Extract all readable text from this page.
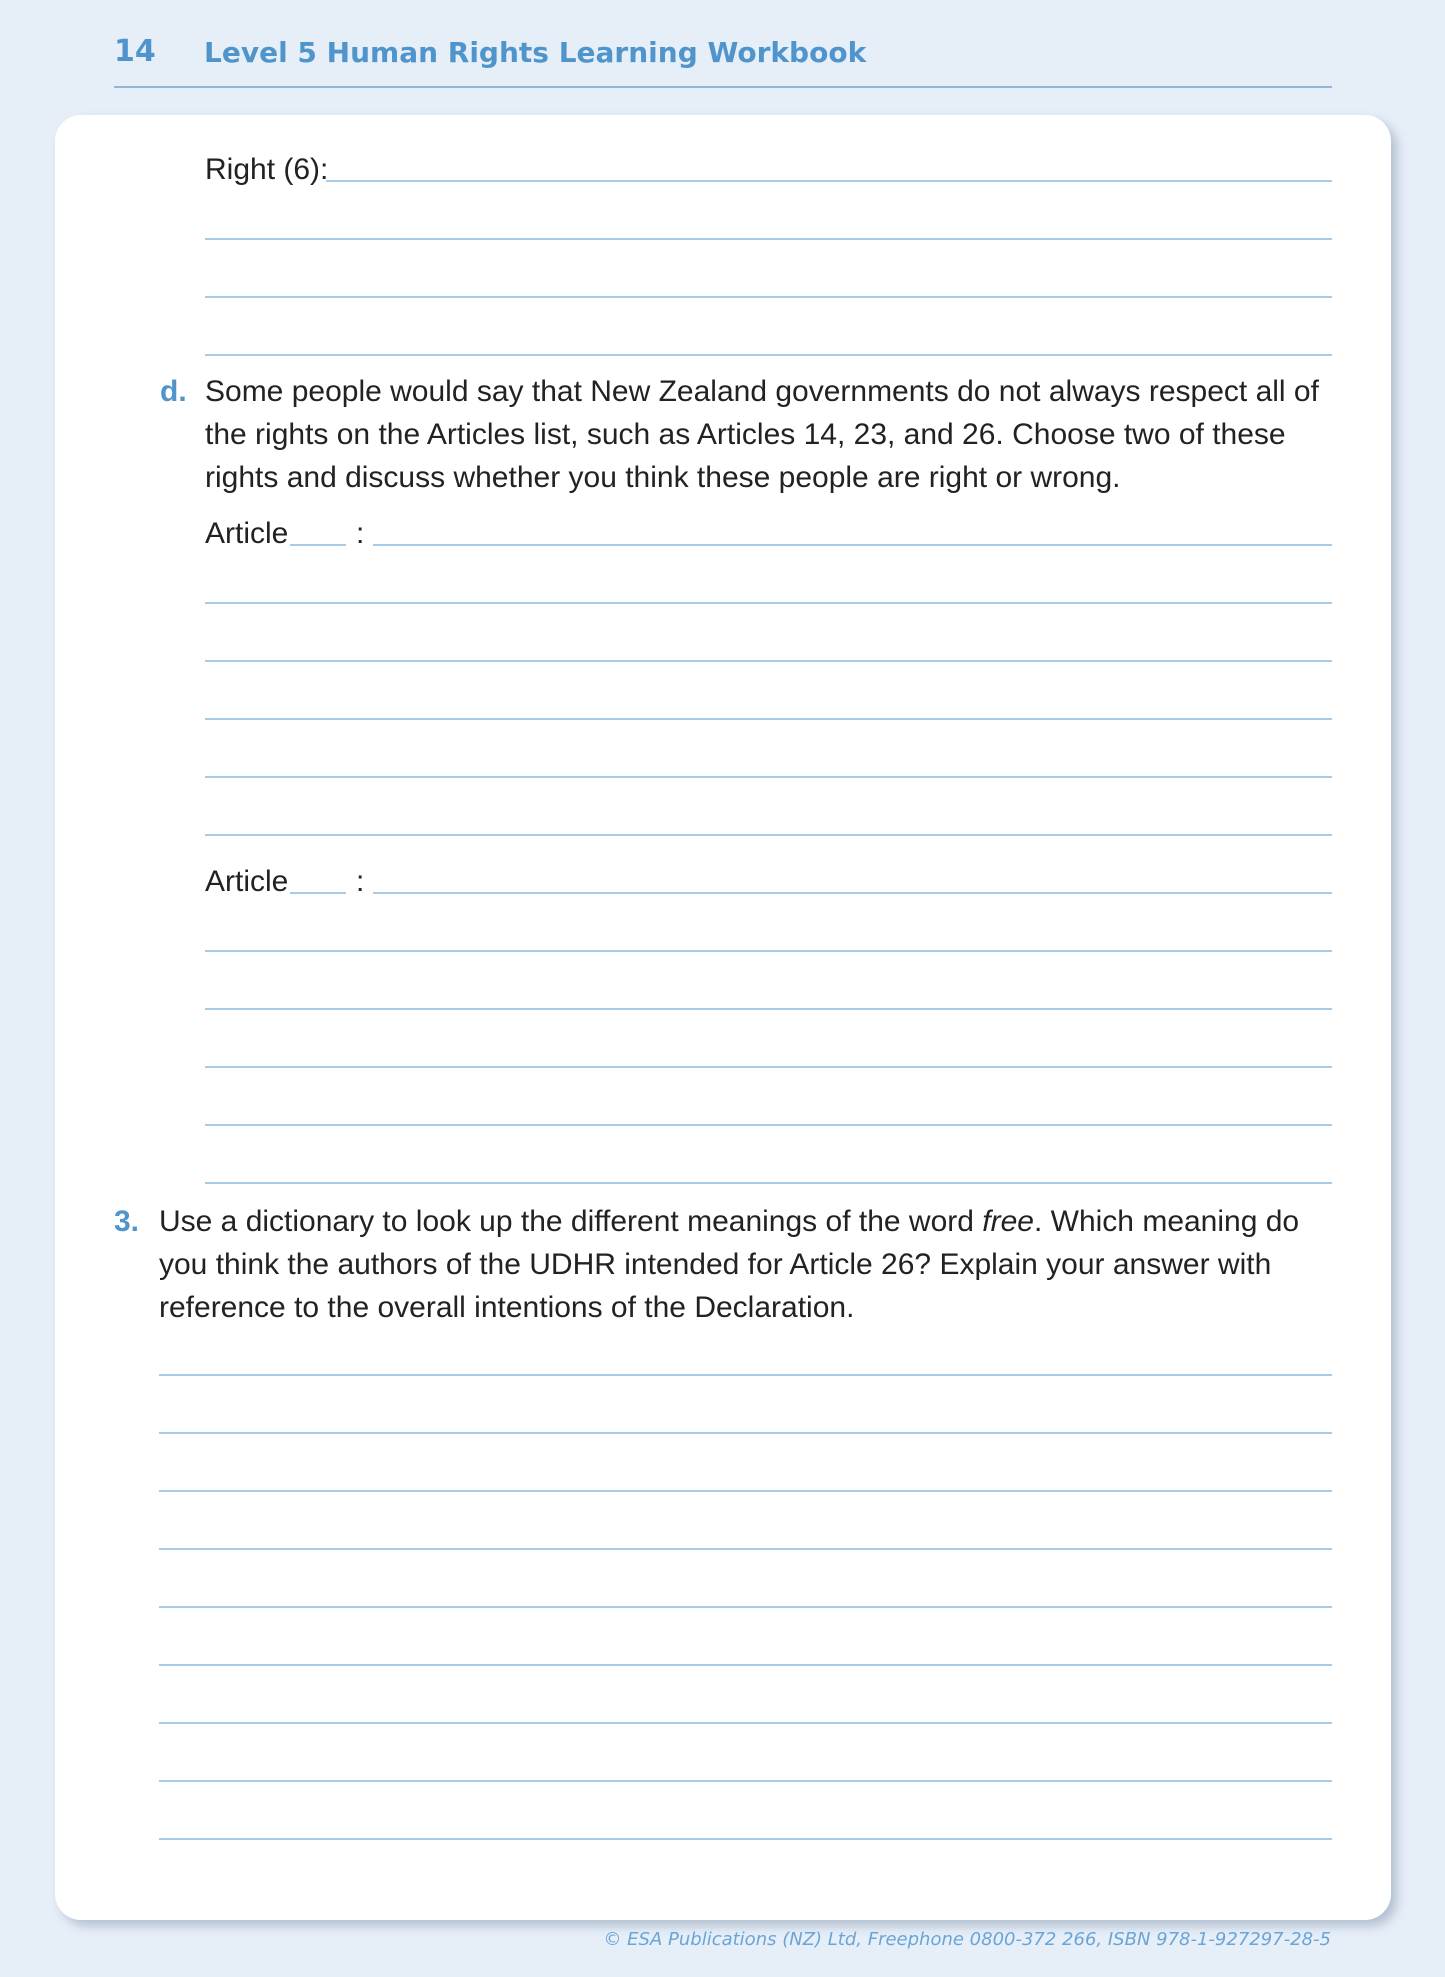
14 Level 5 Human Rights Learning Workbook
Right (6):
d. Some people would say that New Zealand governments do not always respect all of the rights on the Articles list, such as Articles 14, 23, and 26. Choose two of these rights and discuss whether you think these people are right or wrong.

Article :
Article :
3. Use a dictionary to look up the different meanings of the word free. Which meaning do you think the authors of the UDHR intended for Article 26? Explain your answer with reference to the overall intentions of the Declaration.

© ESA Publications (NZ) Ltd, Freephone 0800-372 266, ISBN 978-1-927297-28-5
